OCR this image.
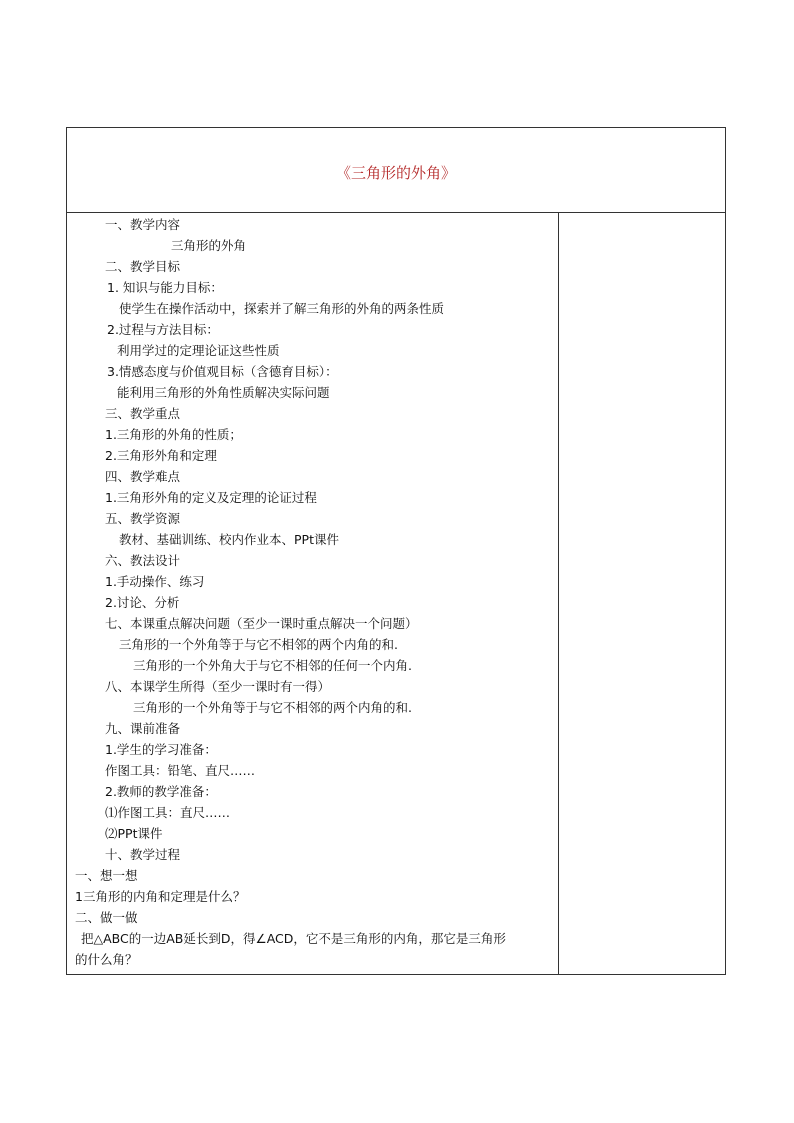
《三角形的外角》
一、教学内容
三角形的外角
二、教学目标
1. 知识与能力目标：
使学生在操作活动中，探索并了解三角形的外角的两条性质
2.过程与方法目标：
利用学过的定理论证这些性质
3.情感态度与价值观目标（含德育目标）：
能利用三角形的外角性质解决实际问题
三、教学重点
1.三角形的外角的性质；
2.三角形外角和定理
四、教学难点
1.三角形外角的定义及定理的论证过程
五、教学资源
教材、基础训练、校内作业本、PPt课件
六、教法设计
1.手动操作、练习
2.讨论、分析
七、本课重点解决问题（至少一课时重点解决一个问题）
三角形的一个外角等于与它不相邻的两个内角的和.
三角形的一个外角大于与它不相邻的任何一个内角.
八、本课学生所得（至少一课时有一得）
三角形的一个外角等于与它不相邻的两个内角的和.
九、课前准备
1.学生的学习准备：
作图工具：铅笔、直尺……
2.教师的教学准备：
⑴作图工具：直尺……
⑵PPt课件
十、教学过程
一、想一想
1三角形的内角和定理是什么？
二、做一做
把△ABC的一边AB延长到D，得∠ACD，它不是三角形的内角，那它是三角形
的什么角？
